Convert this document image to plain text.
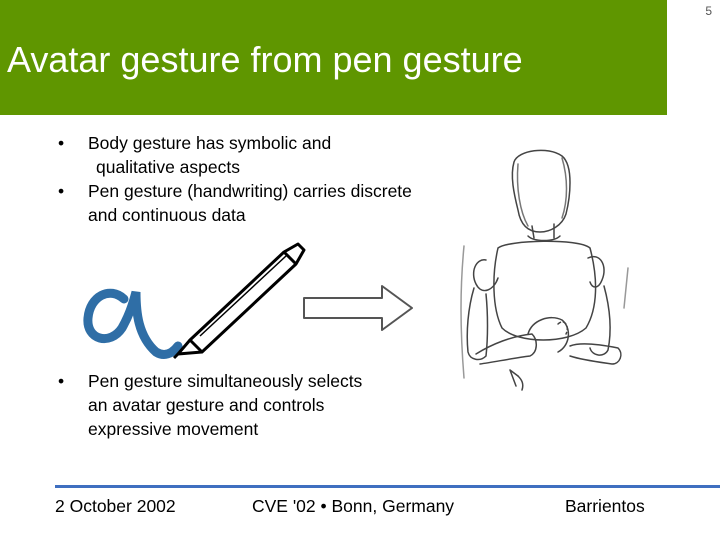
5
Avatar gesture from pen gesture
• Body gesture has symbolic and
qualitative aspects
• Pen gesture (handwriting) carries discrete
and continuous data
• Pen gesture simultaneously selects
an avatar gesture and controls
expressive movement
2 October 2002	CVE '02 • Bonn, Germany	Barrientos
